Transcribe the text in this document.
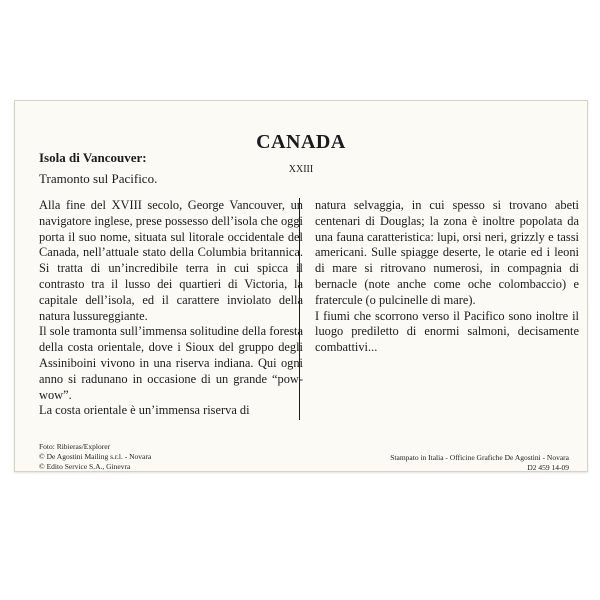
CANADA
XXIII
Isola di Vancouver:
Tramonto sul Pacifico.

Alla fine del XVIII secolo, George Vancouver, un navigatore inglese, prese possesso dell’isola che oggi porta il suo nome, situata sul litorale occidentale del Canada, nell’attuale stato della Columbia britannica. Si tratta di un’incredibile terra in cui spicca il contrasto tra il lusso dei quartieri di Victoria, la capitale dell’isola, ed il carattere inviolato della natura lussureggiante.

Il sole tramonta sull’immensa solitudine della foresta della costa orientale, dove i Sioux del gruppo degli Assiniboini vivono in una riserva indiana. Qui ogni anno si radunano in occasione di un grande “pow-wow”.

La costa orientale è un’immensa riserva di

natura selvaggia, in cui spesso si trovano abeti centenari di Douglas; la zona è inoltre popolata da una fauna caratteristica: lupi, orsi neri, grizzly e tassi americani. Sulle spiagge deserte, le otarie ed i leoni di mare si ritrovano numerosi, in compagnia di bernacle (note anche come oche colombaccio) e fratercule (o pulcinelle di mare).

I fiumi che scorrono verso il Pacifico sono inoltre il luogo prediletto di enormi salmoni, decisamente combattivi...

Foto: Ribieras/Explorer
© De Agostini Mailing s.r.l. - Novara
© Edito Service S.A., Ginevra
Stampato in Italia - Officine Grafiche De Agostini - Novara
D2 459 14-09
